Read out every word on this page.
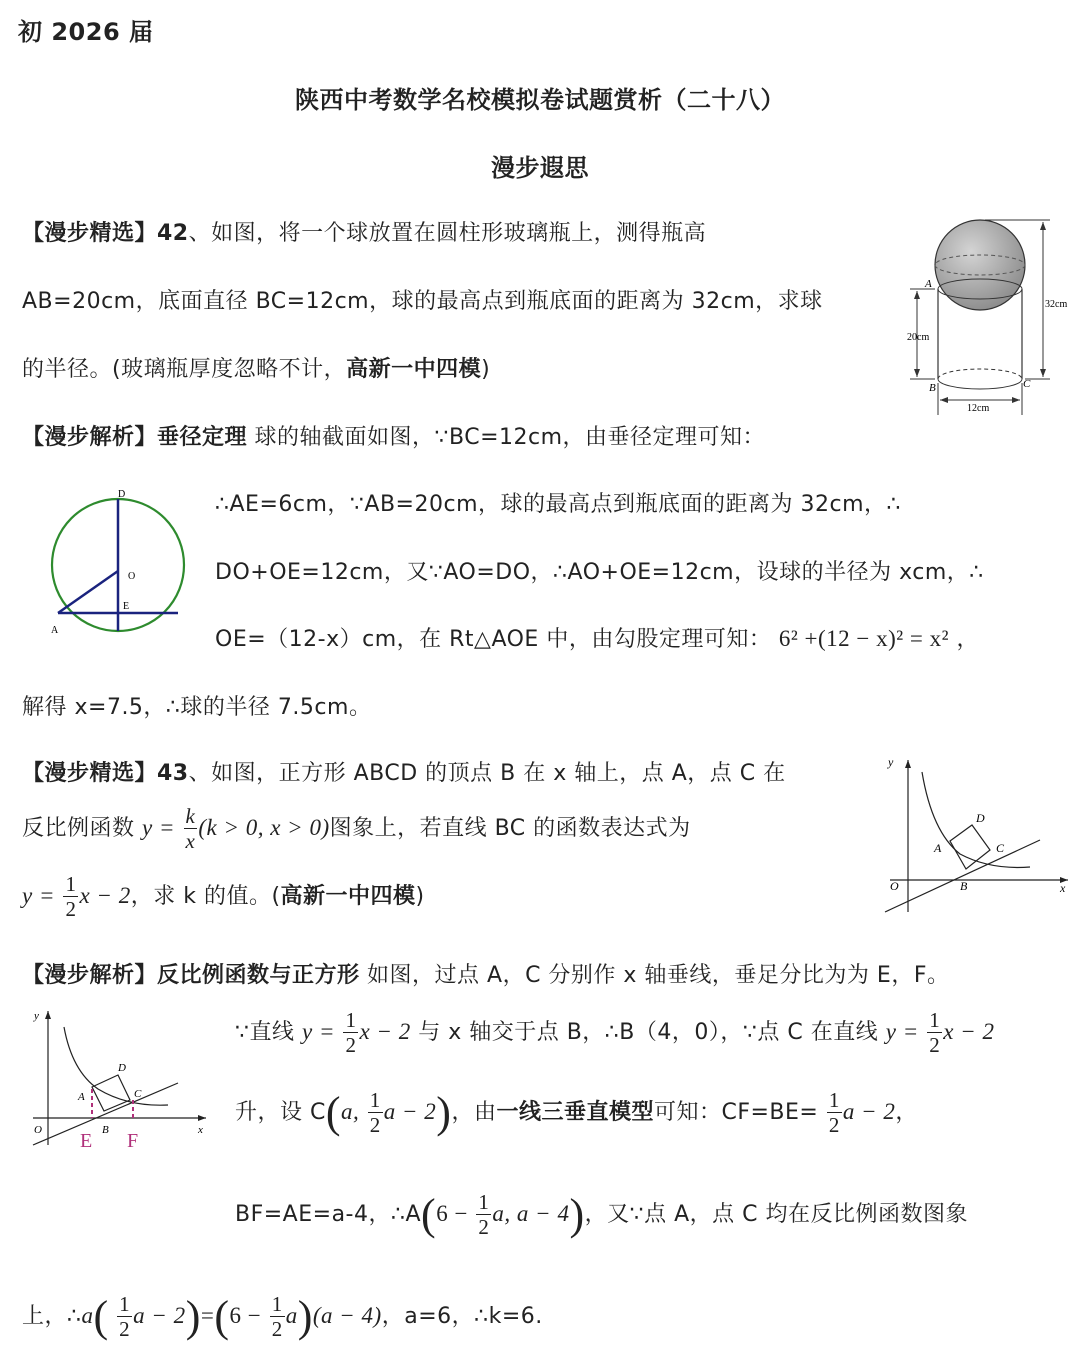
初 2026 届
陕西中考数学名校模拟卷试题赏析（二十八）
漫步遐思
【漫步精选】42、如图，将一个球放置在圆柱形玻璃瓶上，测得瓶高
AB=20cm，底面直径 BC=12cm，球的最高点到瓶底面的距离为 32cm，求球
的半径。(玻璃瓶厚度忽略不计，高新一中四模)
A
B	C
20cm
32cm
12cm
【漫步解析】垂径定理 球的轴截面如图，∵BC=12cm，由垂径定理可知：
D
O
E
A
∴AE=6cm，∵AB=20cm，球的最高点到瓶底面的距离为 32cm，∴
DO+OE=12cm，又∵AO=DO，∴AO+OE=12cm，设球的半径为 xcm，∴
OE=（12-x）cm，在 Rt△AOE 中，由勾股定理可知： 6² +(12 − x)² = x² ，
解得 x=7.5，∴球的半径 7.5cm。
【漫步精选】43、如图，正方形 ABCD 的顶点 B 在 x 轴上，点 A，点 C 在
反比例函数 $y = \frac{k}{x} (k > 0$, x > 0)图象上，若直线 BC 的函数表达式为
$y = \frac{1}{2}$ x − 2，求 k 的值。(高新一中四模)
y
x
O
A
B
C
D
【漫步解析】反比例函数与正方形 如图，过点 A，C 分别作 x 轴垂线，垂足分比为为 E，F。
y
x
O
A
B
C
D
E F
∵直线 $y = \frac{1}{2}$ x − 2 与 x 轴交于点 B，∴B（4，0），∵点 C 在直线 $y = \frac{1}{2}$ x − 2
升，设 C(a, $\frac{1}{2}$ a − 2)，由一线三垂直模型可知：$CF=BE= \frac{1}{2}$ a − 2，
BF=AE=a-4，∴A(6 − $\frac{1}{2} a$, a − 4)，又∵点 A，点 C 均在反比例函数图象
上，∴a( $\frac{1}{2}$ $a - 2)=(6 - \frac{1}{2} a)(a - 4)$，a=6，∴k=6.
